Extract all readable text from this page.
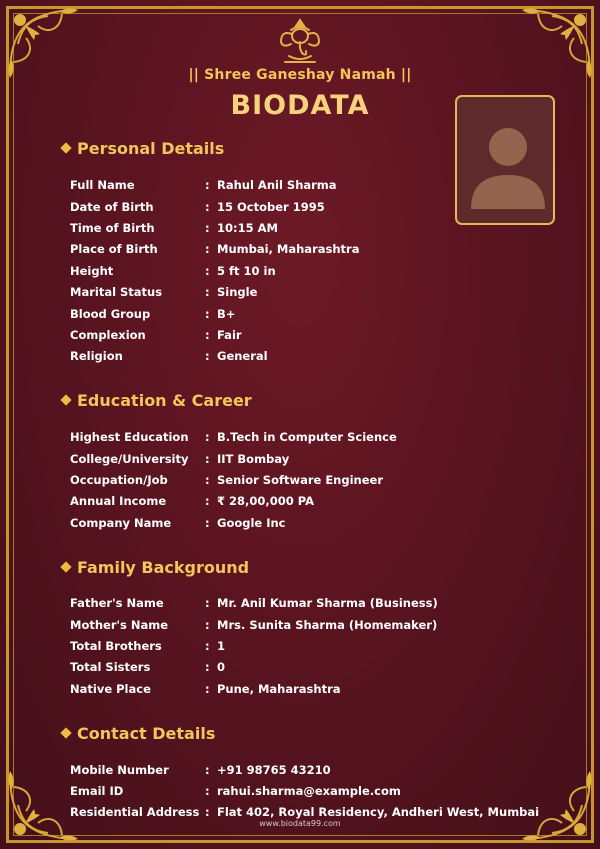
|| Shree Ganeshay Namah ||
BIODATA
Personal Details
Full Name	: Rahul Anil Sharma
Date of Birth	: 15 October 1995
Time of Birth	: 10:15 AM
Place of Birth	: Mumbai, Maharashtra
Height	: 5 ft 10 in
Marital Status	: Single
Blood Group	: B+
Complexion	: Fair
Religion	: General
Education & Career
Highest Education	: B.Tech in Computer Science
College/University	: IIT Bombay
Occupation/Job	: Senior Software Engineer
Annual Income	: ₹ 28,00,000 PA
Company Name	: Google Inc
Family Background
Father's Name	: Mr. Anil Kumar Sharma (Business)
Mother's Name	: Mrs. Sunita Sharma (Homemaker)
Total Brothers	: 1
Total Sisters	: 0
Native Place	: Pune, Maharashtra
Contact Details
Mobile Number	: +91 98765 43210
Email ID	: rahui.sharma@example.com
Residential Address : Flat 402, Royal Residency, Andheri West, Mumbai
www.biodata99.com
